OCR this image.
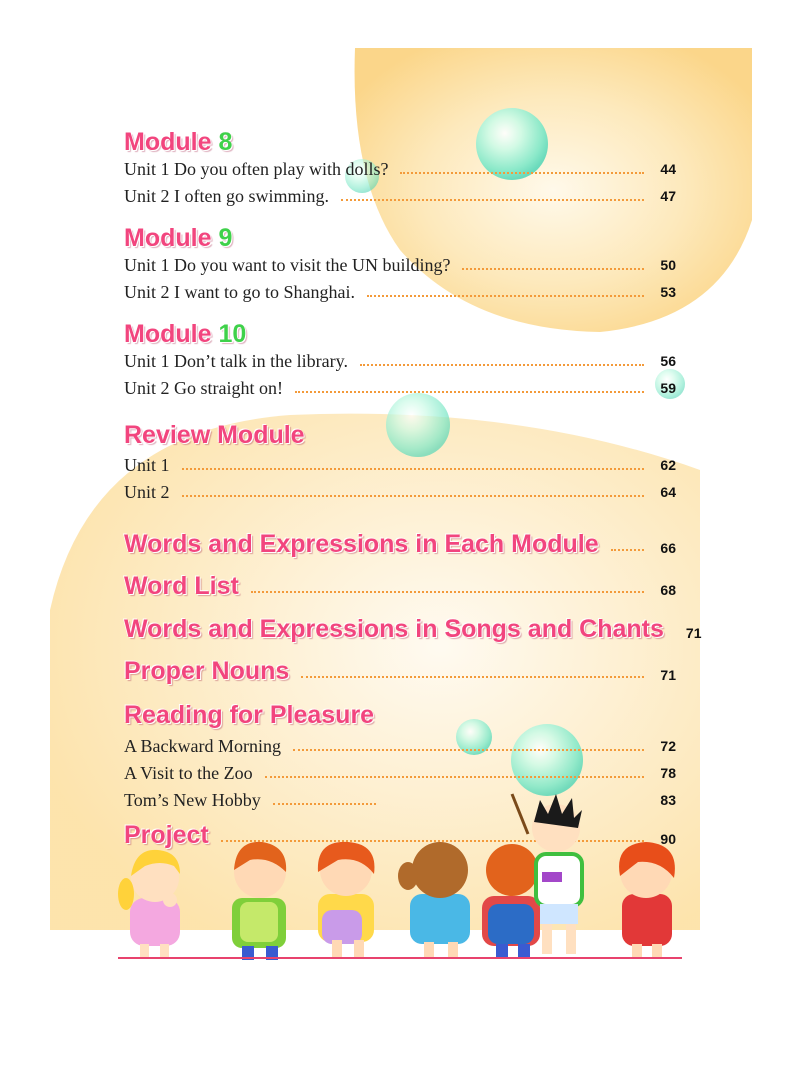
Module 8
Unit 1 Do you often play with dolls?	44
Unit 2 I often go swimming.	47
Module 9
Unit 1 Do you want to visit the UN building?	50
Unit 2 I want to go to Shanghai.	53
Module 10
Unit 1 Don’t talk in the library.	56
Unit 2 Go straight on!	59
Review Module
Unit 1	62
Unit 2	64
Words and Expressions in Each Module	66
Word List	68
Words and Expressions in Songs and Chants 71
Proper Nouns	71
Reading for Pleasure
A Backward Morning	72
A Visit to the Zoo	78
Tom’s New Hobby	83
Project	90
